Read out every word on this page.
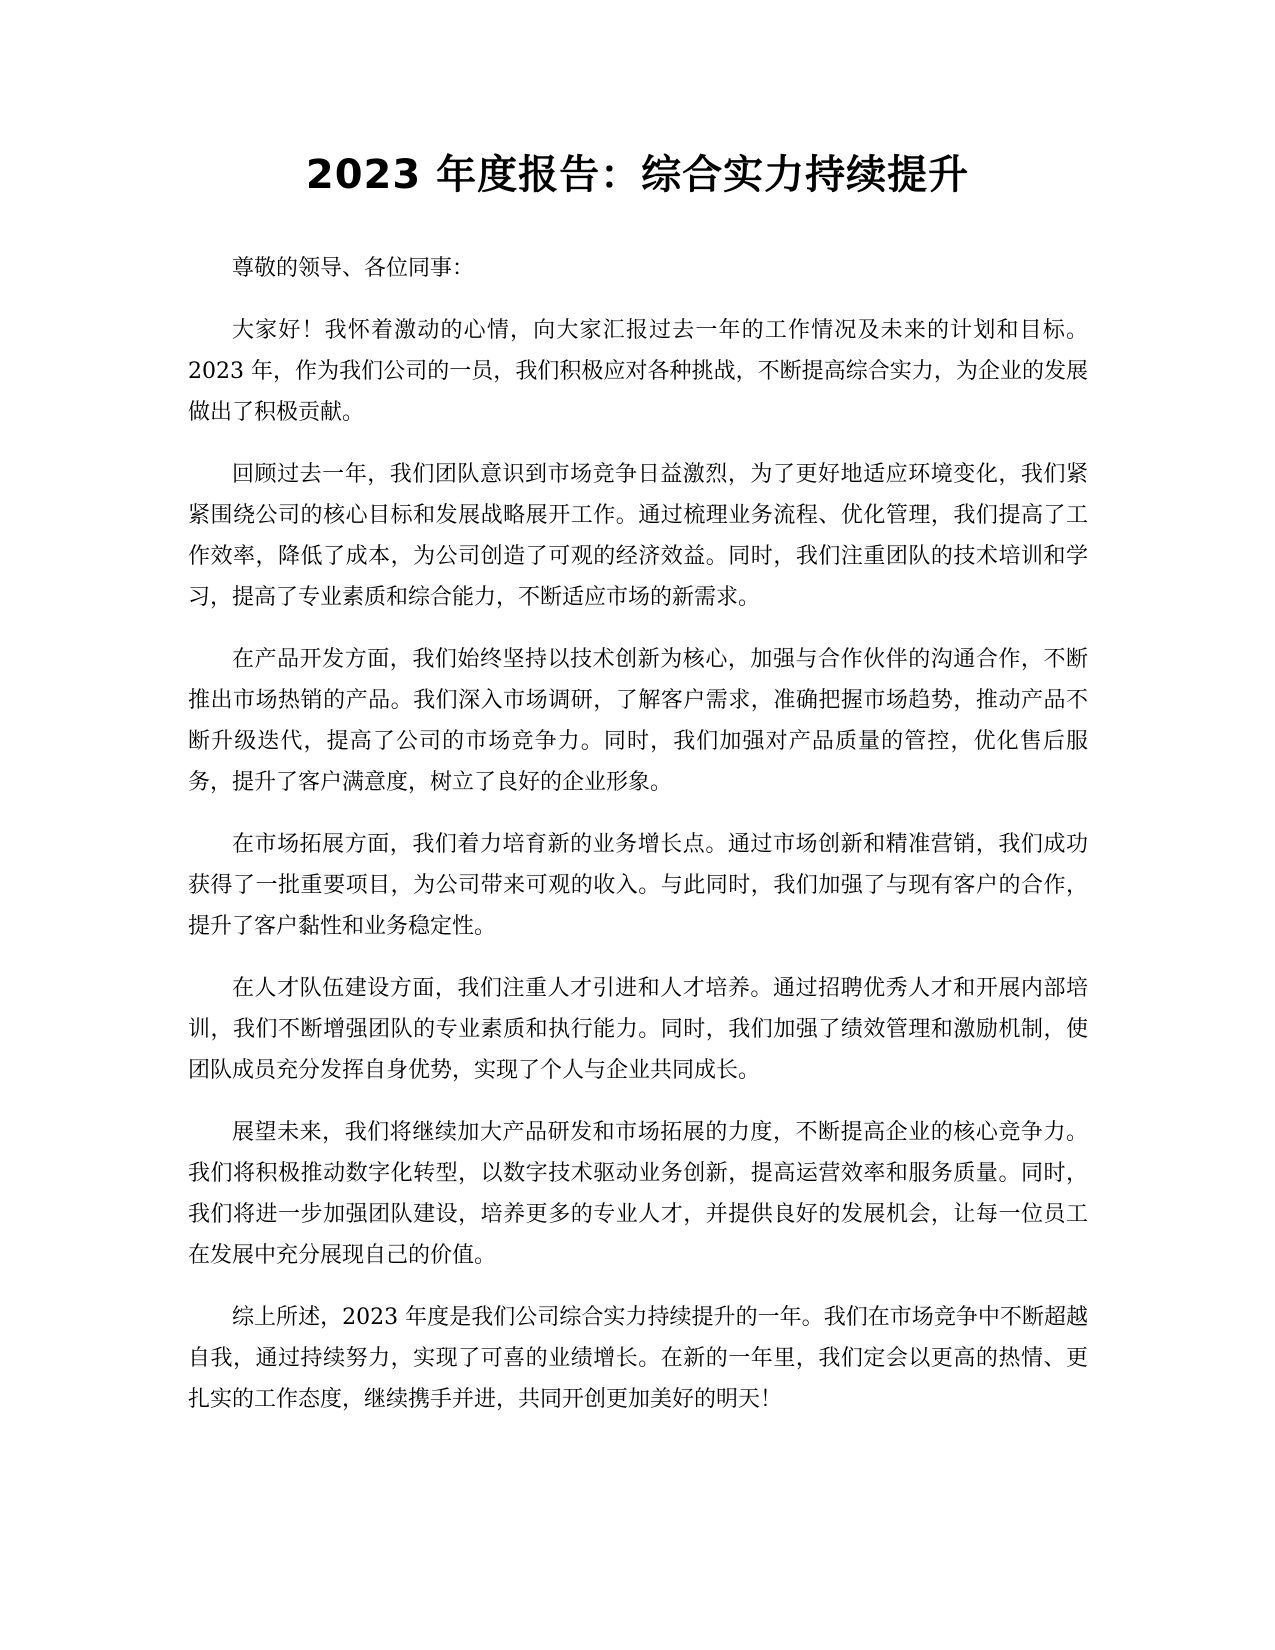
2023 年度报告：综合实力持续提升

尊敬的领导、各位同事：

大家好！我怀着激动的心情，向大家汇报过去一年的工作情况及未来的计划和目标。2023 年，作为我们公司的一员，我们积极应对各种挑战，不断提高综合实力，为企业的发展做出了积极贡献。

回顾过去一年，我们团队意识到市场竞争日益激烈，为了更好地适应环境变化，我们紧紧围绕公司的核心目标和发展战略展开工作。通过梳理业务流程、优化管理，我们提高了工作效率，降低了成本，为公司创造了可观的经济效益。同时，我们注重团队的技术培训和学习，提高了专业素质和综合能力，不断适应市场的新需求。

在产品开发方面，我们始终坚持以技术创新为核心，加强与合作伙伴的沟通合作，不断推出市场热销的产品。我们深入市场调研，了解客户需求，准确把握市场趋势，推动产品不断升级迭代，提高了公司的市场竞争力。同时，我们加强对产品质量的管控，优化售后服务，提升了客户满意度，树立了良好的企业形象。

在市场拓展方面，我们着力培育新的业务增长点。通过市场创新和精准营销，我们成功获得了一批重要项目，为公司带来可观的收入。与此同时，我们加强了与现有客户的合作，提升了客户黏性和业务稳定性。

在人才队伍建设方面，我们注重人才引进和人才培养。通过招聘优秀人才和开展内部培训，我们不断增强团队的专业素质和执行能力。同时，我们加强了绩效管理和激励机制，使团队成员充分发挥自身优势，实现了个人与企业共同成长。

展望未来，我们将继续加大产品研发和市场拓展的力度，不断提高企业的核心竞争力。我们将积极推动数字化转型，以数字技术驱动业务创新，提高运营效率和服务质量。同时，我们将进一步加强团队建设，培养更多的专业人才，并提供良好的发展机会，让每一位员工在发展中充分展现自己的价值。

综上所述，2023 年度是我们公司综合实力持续提升的一年。我们在市场竞争中不断超越自我，通过持续努力，实现了可喜的业绩增长。在新的一年里，我们定会以更高的热情、更扎实的工作态度，继续携手并进，共同开创更加美好的明天！
